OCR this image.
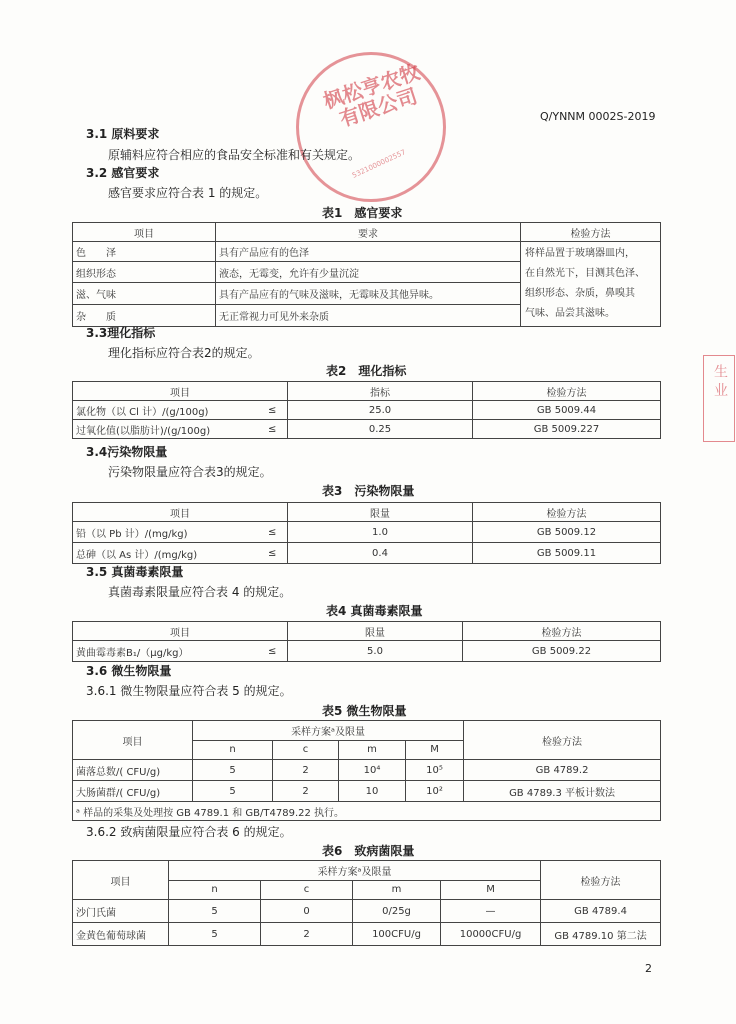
枫松亨农牧有限公司
5321000002557
生 业
Q/YNNM 0002S-2019
3.1 原料要求
原辅料应符合相应的食品安全标准和有关规定。
3.2 感官要求
感官要求应符合表 1 的规定。
表1　感官要求
项目	要求	检验方法
色　　泽	具有产品应有的色泽	将样品置于玻璃器皿内，
在自然光下，目测其色泽、
组织形态、杂质，鼻嗅其
气味、品尝其滋味。

组织形态	液态，无霉变，允许有少量沉淀	
滋、气味	具有产品应有的气味及滋味，无霉味及其他异味。	
杂　　质	无正常视力可见外来杂质	
3.3理化指标
理化指标应符合表2的规定。
表2　理化指标
项目		指标	检验方法
氯化物（以 Cl 计）/(g/100g)	≤	25.0	GB 5009.44
过氧化值(以脂肪计)/(g/100g)	≤	0.25	GB 5009.227
3.4污染物限量
污染物限量应符合表3的规定。
表3　污染物限量
项目		限量	检验方法
铅（以 Pb 计）/(mg/kg)	≤	1.0	GB 5009.12
总砷（以 As 计）/(mg/kg)	≤	0.4	GB 5009.11
3.5 真菌毒素限量
真菌毒素限量应符合表 4 的规定。
表4 真菌毒素限量
项目		限量	检验方法
黄曲霉毒素B₁/（μg/kg）	≤	5.0	GB 5009.22
3.6 微生物限量
3.6.1 微生物限量应符合表 5 的规定。
表5 微生物限量
项目	采样方案ᵃ及限量				检验方法
	n	c	m	M	
菌落总数/( CFU/g)	5	2	10⁴	10⁵	GB 4789.2
大肠菌群/( CFU/g)	5	2	10	10²	GB 4789.3 平板计数法
ᵃ 样品的采集及处理按 GB 4789.1 和 GB/T4789.22 执行。					
3.6.2 致病菌限量应符合表 6 的规定。
表6　致病菌限量
项目	采样方案ᵃ及限量				检验方法
	n	c	m	M	
沙门氏菌	5	0	0/25g	—	GB 4789.4
金黄色葡萄球菌	5	2	100CFU/g	10000CFU/g	GB 4789.10 第二法
2
